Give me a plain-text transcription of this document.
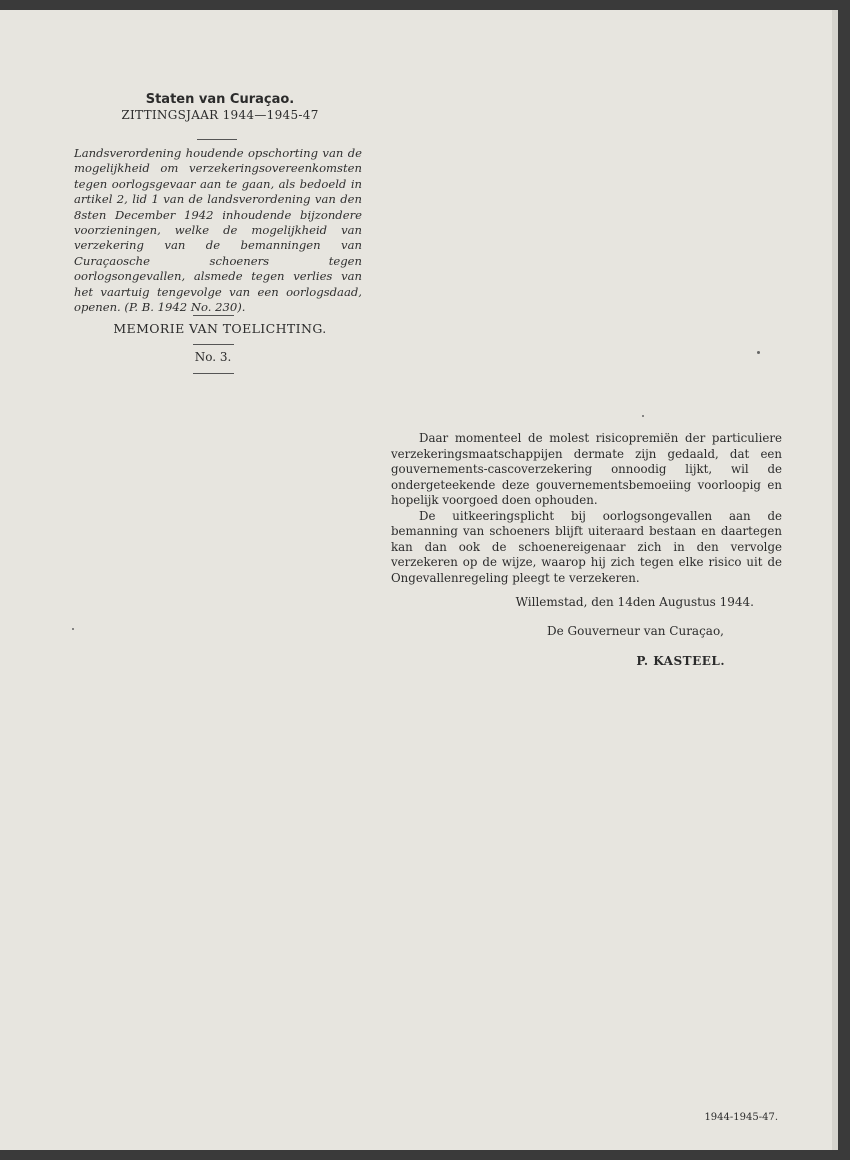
Staten van Curaçao.
ZITTINGSJAAR 1944—1945-47

Landsverordening houdende opschorting van de mogelijkheid om verzekeringsovereenkomsten tegen oorlogsgevaar aan te gaan, als bedoeld in artikel 2, lid 1 van de landsverordening van den 8sten December 1942 inhoudende bijzondere voorzieningen, welke de mogelijkheid van verzekering van de bemanningen van Curaçaosche schoeners tegen oorlogsongevallen, alsmede tegen verlies van het vaartuig tengevolge van een oorlogsdaad, openen. (P. B. 1942 No. 230).

MEMORIE VAN TOELICHTING.
No. 3.

Daar momenteel de molest risicopremiën der particuliere verzekeringsmaatschappijen dermate zijn gedaald, dat een gouvernements-cascoverzekering onnoodig lijkt, wil de ondergeteekende deze gouvernementsbemoeiing voorloopig en hopelijk voorgoed doen ophouden.

De uitkeeringsplicht bij oorlogsongevallen aan de bemanning van schoeners blijft uiteraard bestaan en daartegen kan dan ook de schoenereigenaar zich in den vervolge verzekeren op de wijze, waarop hij zich tegen elke risico uit de Ongevallenregeling pleegt te verzekeren.

Willemstad, den 14den Augustus 1944.
De Gouverneur van Curaçao,
P. KASTEEL.
1944-1945-47.
